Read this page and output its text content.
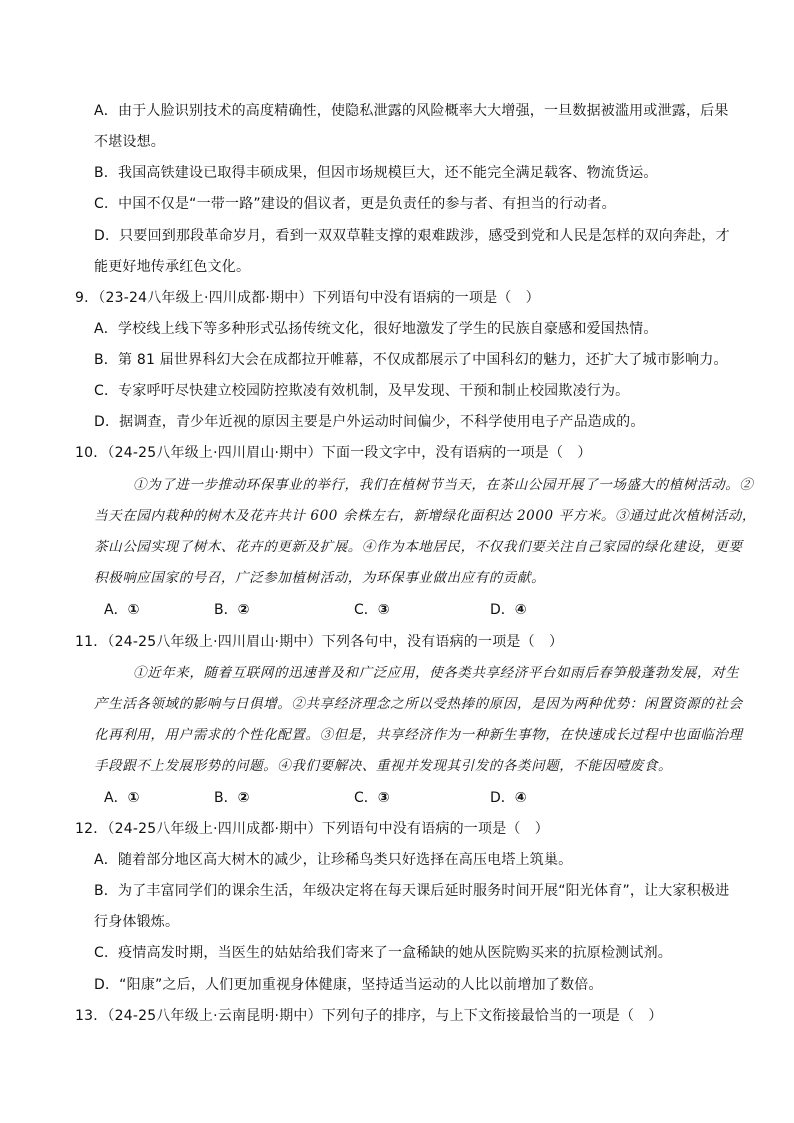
A．由于人脸识别技术的高度精确性，使隐私泄露的风险概率大大增强，一旦数据被滥用或泄露，后果
不堪设想。
B．我国高铁建设已取得丰硕成果，但因市场规模巨大，还不能完全满足载客、物流货运。
C．中国不仅是“一带一路”建设的倡议者，更是负责任的参与者、有担当的行动者。
D．只要回到那段革命岁月，看到一双双草鞋支撑的艰难跋涉，感受到党和人民是怎样的双向奔赴，才
能更好地传承红色文化。
9．（23-24八年级上·四川成都·期中）下列语句中没有语病的一项是（　）
A．学校线上线下等多种形式弘扬传统文化，很好地激发了学生的民族自豪感和爱国热情。
B．第 81 届世界科幻大会在成都拉开帷幕，不仅成都展示了中国科幻的魅力，还扩大了城市影响力。
C．专家呼吁尽快建立校园防控欺凌有效机制，及早发现、干预和制止校园欺凌行为。
D．据调查，青少年近视的原因主要是户外运动时间偏少，不科学使用电子产品造成的。
10．（24-25八年级上·四川眉山·期中）下面一段文字中，没有语病的一项是（　）
①为了进一步推动环保事业的举行，我们在植树节当天，在茶山公园开展了一场盛大的植树活动。②
当天在园内栽种的树木及花卉共计 600 余株左右，新增绿化面积达 2000 平方米。③通过此次植树活动，
茶山公园实现了树木、花卉的更新及扩展。④作为本地居民，不仅我们要关注自己家园的绿化建设，更要
积极响应国家的号召，广泛参加植树活动，为环保事业做出应有的贡献。
A．①	B．②	C．③	D．④
11．（24-25八年级上·四川眉山·期中）下列各句中，没有语病的一项是（　）
①近年来，随着互联网的迅速普及和广泛应用，使各类共享经济平台如雨后春笋般蓬勃发展，对生
产生活各领域的影响与日俱增。②共享经济理念之所以受热捧的原因，是因为两种优势：闲置资源的社会
化再利用，用户需求的个性化配置。③但是，共享经济作为一种新生事物，在快速成长过程中也面临治理
手段跟不上发展形势的问题。④我们要解决、重视并发现其引发的各类问题，不能因噎废食。
A．①	B．②	C．③	D．④
12．（24-25八年级上·四川成都·期中）下列语句中没有语病的一项是（　）
A．随着部分地区高大树木的减少，让珍稀鸟类只好选择在高压电塔上筑巢。
B．为了丰富同学们的课余生活，年级决定将在每天课后延时服务时间开展“阳光体育”，让大家积极进
行身体锻炼。
C．疫情高发时期，当医生的姑姑给我们寄来了一盒稀缺的她从医院购买来的抗原检测试剂。
D．“阳康”之后，人们更加重视身体健康，坚持适当运动的人比以前增加了数倍。
13．（24-25八年级上·云南昆明·期中）下列句子的排序，与上下文衔接最恰当的一项是（　）
